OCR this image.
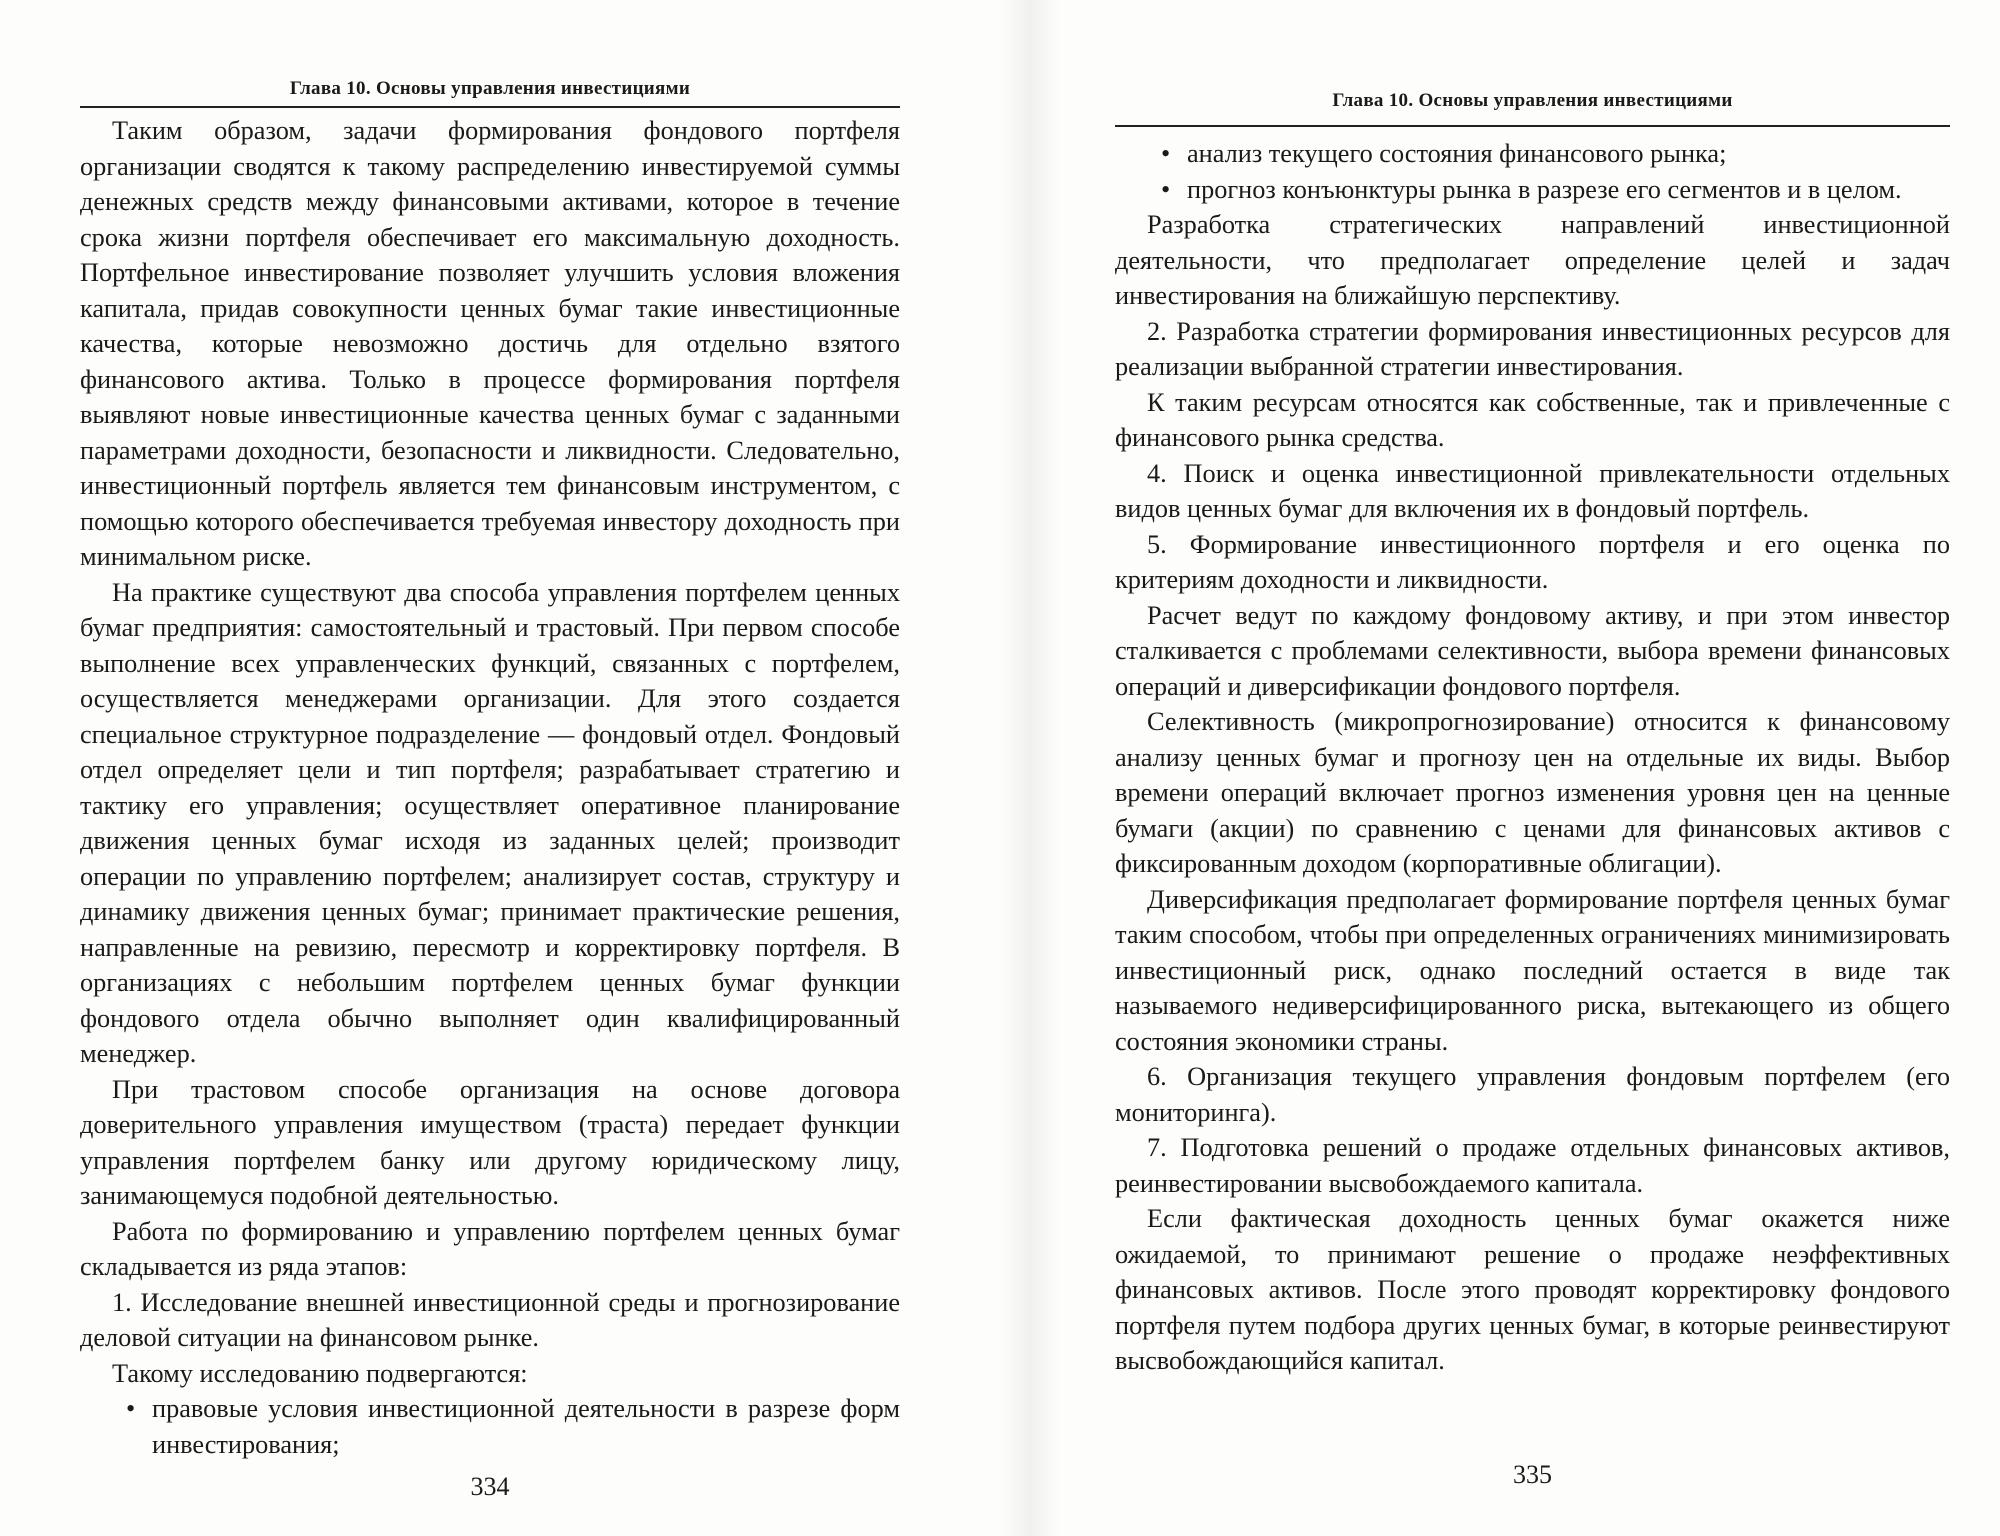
Глава 10. Основы управления инвестициями

Таким образом, задачи формирования фондового портфеля организации сводятся к такому распределению инвестируемой суммы денежных средств между финансовыми активами, которое в течение срока жизни портфеля обеспечивает его максимальную доходность. Портфельное инвестирование позволяет улучшить условия вложения капитала, придав совокупности ценных бумаг такие инвестиционные качества, которые невозможно достичь для отдельно взятого финансового актива. Только в процессе формирования портфеля выявляют новые инвестиционные качества ценных бумаг с заданными параметрами доходности, безопасности и ликвидности. Следовательно, инвестиционный портфель является тем финансовым инструментом, с помощью которого обеспечивается требуемая инвестору доходность при минимальном риске.

На практике существуют два способа управления портфелем ценных бумаг предприятия: самостоятельный и трастовый. При первом способе выполнение всех управленческих функций, связанных с портфелем, осуществляется менеджерами организации. Для этого создается специальное структурное подразделение — фондовый отдел. Фондовый отдел определяет цели и тип портфеля; разрабатывает стратегию и тактику его управления; осуществляет оперативное планирование движения ценных бумаг исходя из заданных целей; производит операции по управлению портфелем; анализирует состав, структуру и динамику движения ценных бумаг; принимает практические решения, направленные на ревизию, пересмотр и корректировку портфеля. В организациях с небольшим портфелем ценных бумаг функции фондового отдела обычно выполняет один квалифицированный менеджер.

При трастовом способе организация на основе договора доверительного управления имуществом (траста) передает функции управления портфелем банку или другому юридическому лицу, занимающемуся подобной деятельностью.

Работа по формированию и управлению портфелем ценных бумаг складывается из ряда этапов:

1. Исследование внешней инвестиционной среды и прогнозирование деловой ситуации на финансовом рынке.

Такому исследованию подвергаются:

• правовые условия инвестиционной деятельности в разрезе форм инвестирования;
334
Глава 10. Основы управления инвестициями
• анализ текущего состояния финансового рынка;
• прогноз конъюнктуры рынка в разрезе его сегментов и в целом.

Разработка стратегических направлений инвестиционной деятельности, что предполагает определение целей и задач инвестирования на ближайшую перспективу.

2. Разработка стратегии формирования инвестиционных ресурсов для реализации выбранной стратегии инвестирования.

К таким ресурсам относятся как собственные, так и привлеченные с финансового рынка средства.

4. Поиск и оценка инвестиционной привлекательности отдельных видов ценных бумаг для включения их в фондовый портфель.

5. Формирование инвестиционного портфеля и его оценка по критериям доходности и ликвидности.

Расчет ведут по каждому фондовому активу, и при этом инвестор сталкивается с проблемами селективности, выбора времени финансовых операций и диверсификации фондового портфеля.

Селективность (микропрогнозирование) относится к финансовому анализу ценных бумаг и прогнозу цен на отдельные их виды. Выбор времени операций включает прогноз изменения уровня цен на ценные бумаги (акции) по сравнению с ценами для финансовых активов с фиксированным доходом (корпоративные облигации).

Диверсификация предполагает формирование портфеля ценных бумаг таким способом, чтобы при определенных ограничениях минимизировать инвестиционный риск, однако последний остается в виде так называемого недиверсифицированного риска, вытекающего из общего состояния экономики страны.

6. Организация текущего управления фондовым портфелем (его мониторинга).

7. Подготовка решений о продаже отдельных финансовых активов, реинвестировании высвобождаемого капитала.

Если фактическая доходность ценных бумаг окажется ниже ожидаемой, то принимают решение о продаже неэффективных финансовых активов. После этого проводят корректировку фондового портфеля путем подбора других ценных бумаг, в которые реинвестируют высвобождающийся капитал.

335
